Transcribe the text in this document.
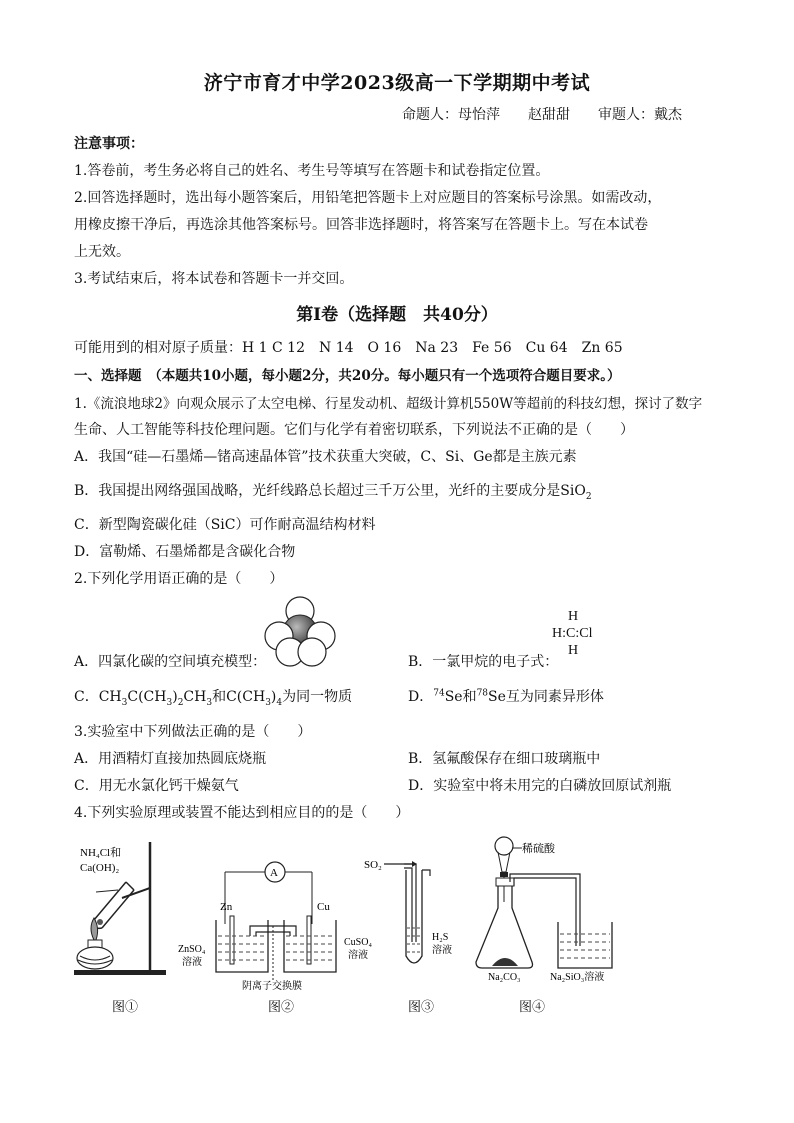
济宁市育才中学2023级高一下学期期中考试
命题人：母怡萍　　赵甜甜　　审题人：戴杰
注意事项：
1.答卷前，考生务必将自己的姓名、考生号等填写在答题卡和试卷指定位置。
2.回答选择题时，选出每小题答案后，用铅笔把答题卡上对应题目的答案标号涂黑。如需改动，
用橡皮擦干净后，再选涂其他答案标号。回答非选择题时，将答案写在答题卡上。写在本试卷
上无效。
3.考试结束后，将本试卷和答题卡一并交回。
第Ⅰ卷（选择题　共40分）
可能用到的相对原子质量：H 1 C 12　N 14　O 16　Na 23　Fe 56　Cu 64　Zn 65
一、选择题　（本题共10小题，每小题2分，共20分。每小题只有一个选项符合题目要求。）
1.《流浪地球2》向观众展示了太空电梯、行星发动机、超级计算机550W等超前的科技幻想，探讨了数字
生命、人工智能等科技伦理问题。它们与化学有着密切联系，下列说法不正确的是（　　）
A．我国“硅—石墨烯—锗高速晶体管”技术获重大突破，C、Si、Ge都是主族元素
B．我国提出网络强国战略，光纤线路总长超过三千万公里，光纤的主要成分是SiO$_2$
C．新型陶瓷碳化硅（SiC）可作耐高温结构材料
D．富勒烯、石墨烯都是含碳化合物
2.下列化学用语正确的是（　　）
A．四氯化碳的空间填充模型：	B．一氯甲烷的电子式：
H
H:C:Cl
H
C．$CH_3C(CH_3)_2CH_3$和$C(CH_3)_4$为同一物质	D．$^{74}$Se和$^{78}$Se互为同素异形体
3.实验室中下列做法正确的是（　　）
A．用酒精灯直接加热圆底烧瓶	B．氢氟酸保存在细口玻璃瓶中
C．用无水氯化钙干燥氨气	D．实验室中将未用完的白磷放回原试剂瓶
4.下列实验原理或装置不能达到相应目的的是（　　）
NH₄Cl和
Ca(OH)₂
图①
A
Zn	Cu
ZnSO₄
溶液
CuSO₄
溶液
阴离子交换膜
图②
SO₂
H₂S
溶液
图③
稀硫酸
Na₂CO₃	Na₂SiO₃溶液
图④
